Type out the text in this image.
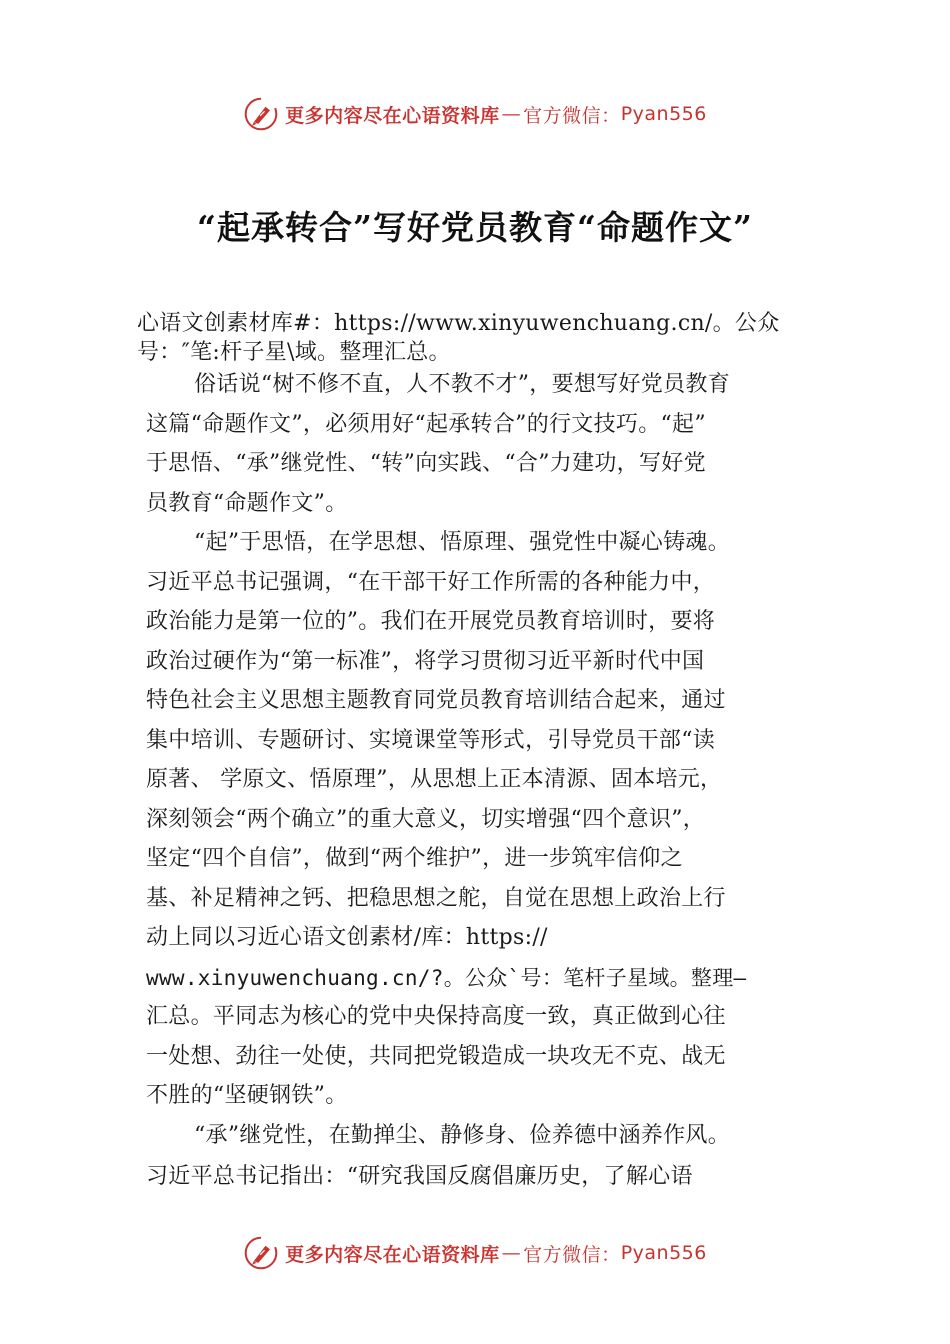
更多内容尽在心语资料库 — 官方微信： Pyan556
“起承转合”写好党员教育“命题作文”

心语文创素材库#：https://www.xinyuwenchuang.cn/。公众

号：″笔:杆子星\域。整理汇总。

俗话说“树不修不直，人不教不才”，要想写好党员教育

这篇“命题作文”，必须用好“起承转合”的行文技巧。“起”

于思悟、“承”继党性、“转”向实践、“合”力建功，写好党

员教育“命题作文”。

“起”于思悟，在学思想、悟原理、强党性中凝心铸魂。

习近平总书记强调，“在干部干好工作所需的各种能力中，

政治能力是第一位的”。我们在开展党员教育培训时，要将

政治过硬作为“第一标准”，将学习贯彻习近平新时代中国

特色社会主义思想主题教育同党员教育培训结合起来，通过

集中培训、专题研讨、实境课堂等形式，引导党员干部“读

原著、 学原文、悟原理”，从思想上正本清源、固本培元，

深刻领会“两个确立”的重大意义，切实增强“四个意识”，

坚定“四个自信”，做到“两个维护”，进一步筑牢信仰之

基、补足精神之钙、把稳思想之舵，自觉在思想上政治上行

动上同以习近心语文创素材/库：https://

www.xinyuwenchuang.cn/?。公众`号：笔杆子星域。整理—

汇总。平同志为核心的党中央保持高度一致，真正做到心往

一处想、劲往一处使，共同把党锻造成一块攻无不克、战无

不胜的“坚硬钢铁”。

“承”继党性，在勤掸尘、静修身、俭养德中涵养作风。

习近平总书记指出：“研究我国反腐倡廉历史，了解心语

更多内容尽在心语资料库 — 官方微信： Pyan556
